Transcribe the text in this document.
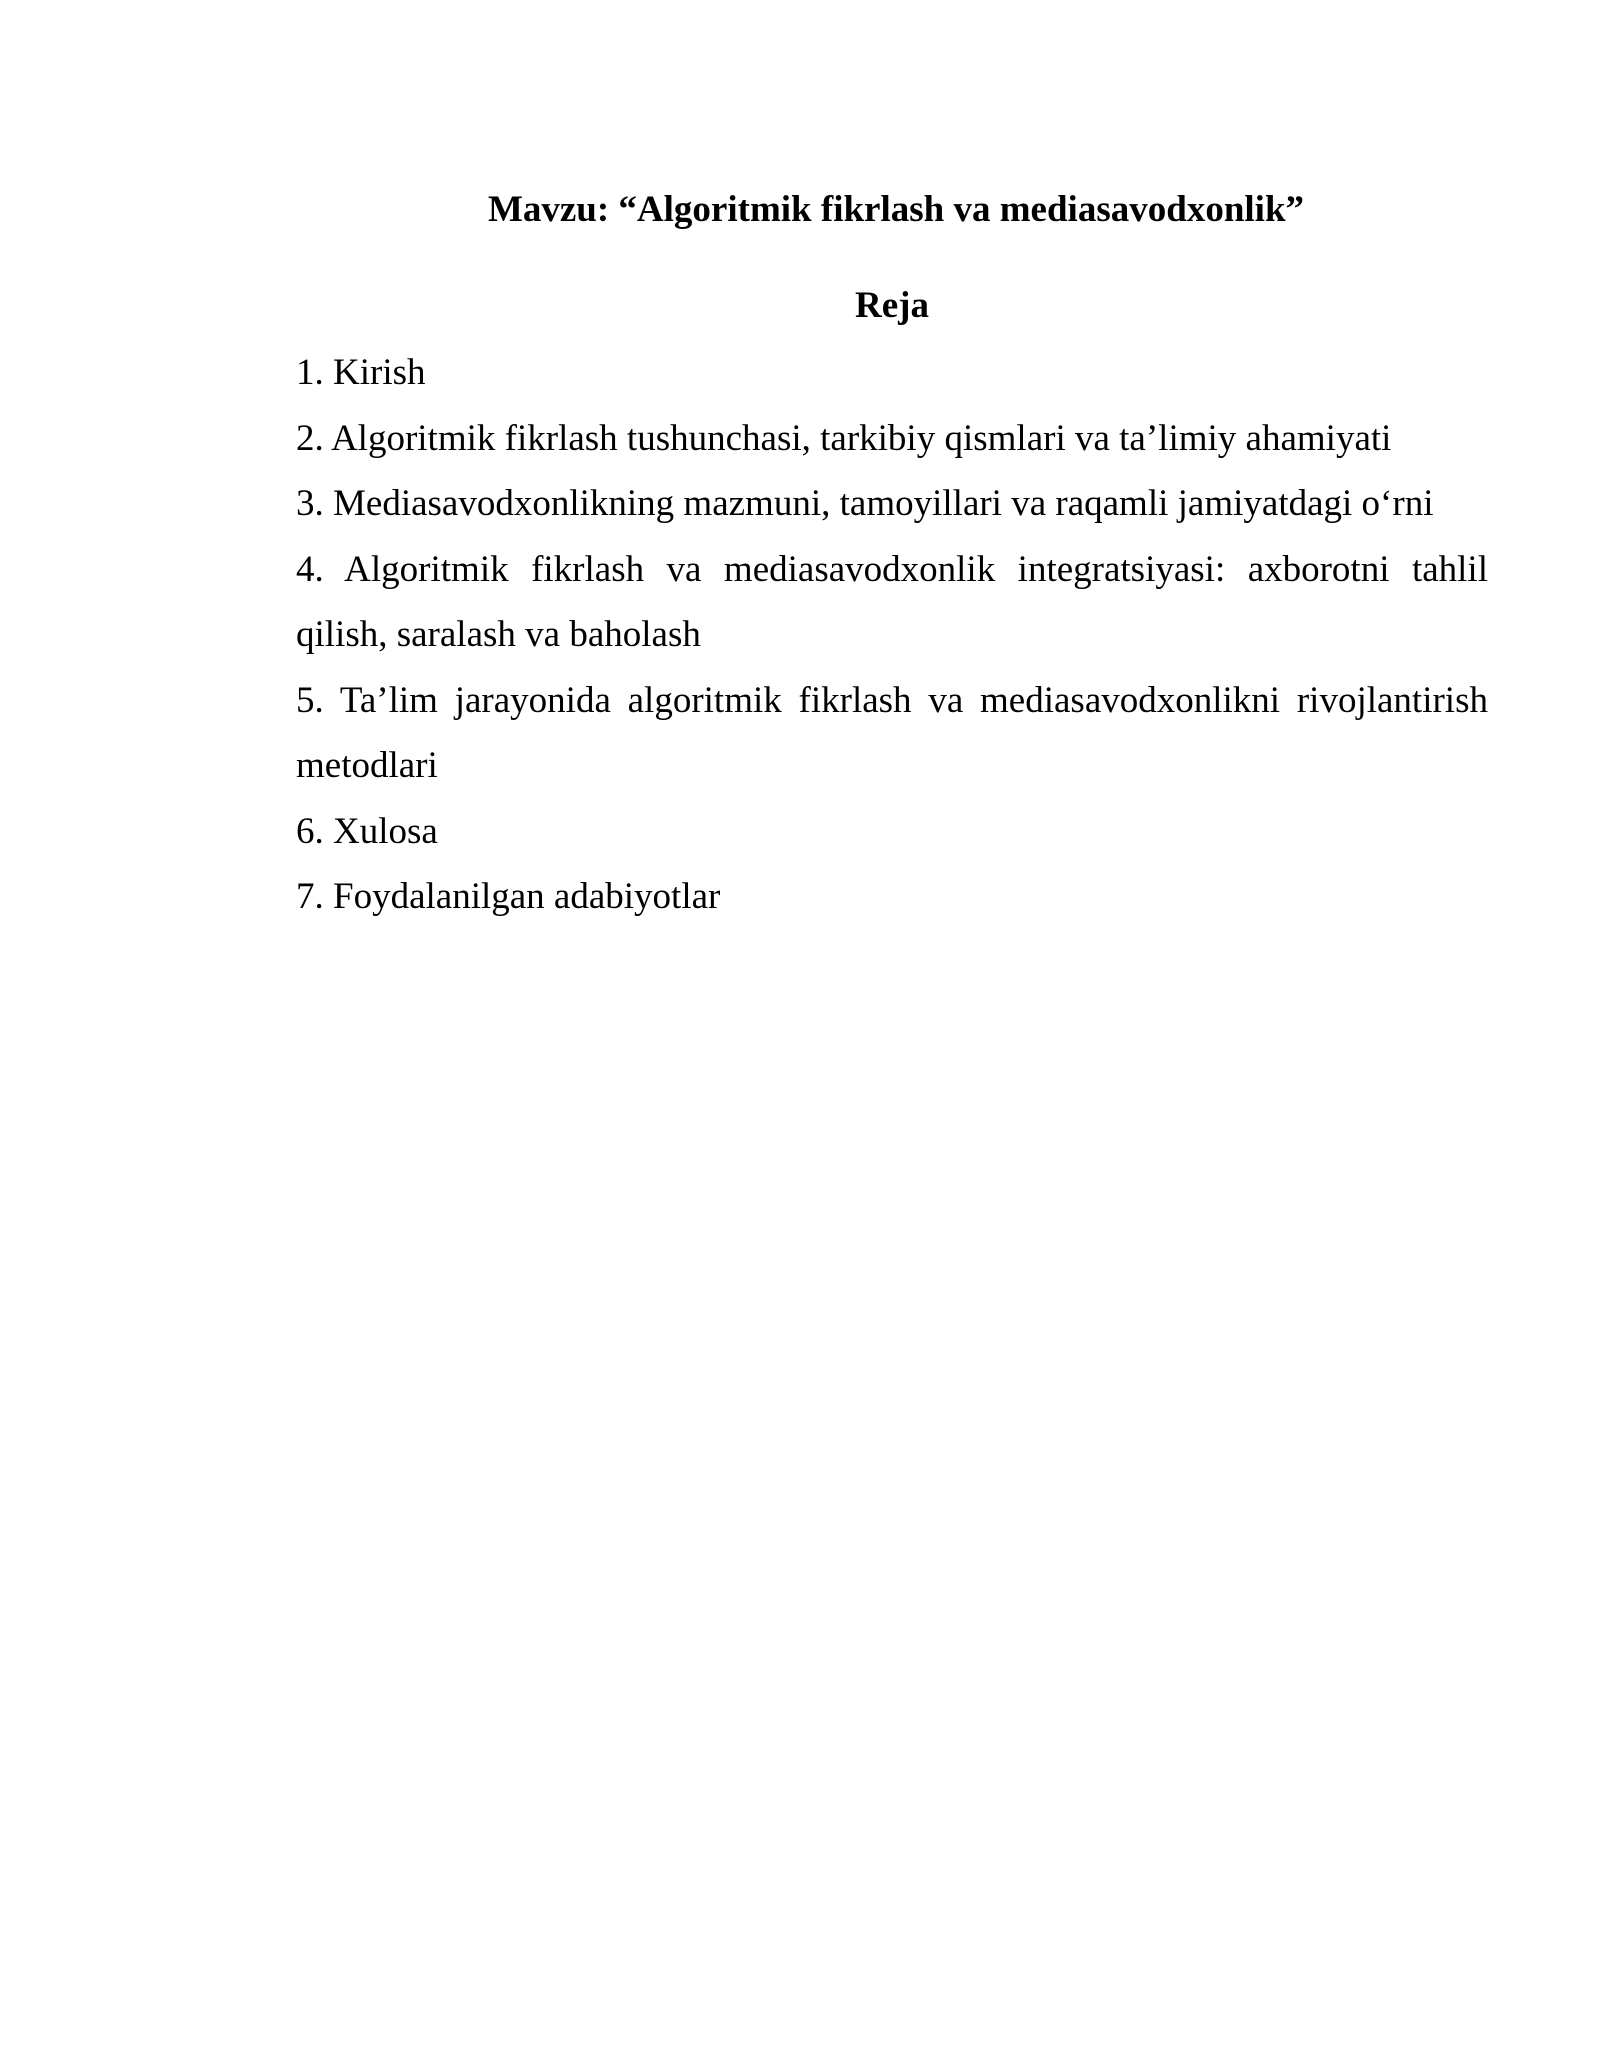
Mavzu: “Algoritmik fikrlash va mediasavodxonlik”
Reja
1. Kirish
2. Algoritmik fikrlash tushunchasi, tarkibiy qismlari va ta’limiy ahamiyati
3. Mediasavodxonlikning mazmuni, tamoyillari va raqamli jamiyatdagi o‘rni
4. Algoritmik fikrlash va mediasavodxonlik integratsiyasi: axborotni tahlil qilish, saralash va baholash
5. Ta’lim jarayonida algoritmik fikrlash va mediasavodxonlikni rivojlantirish metodlari
6. Xulosa
7. Foydalanilgan adabiyotlar
